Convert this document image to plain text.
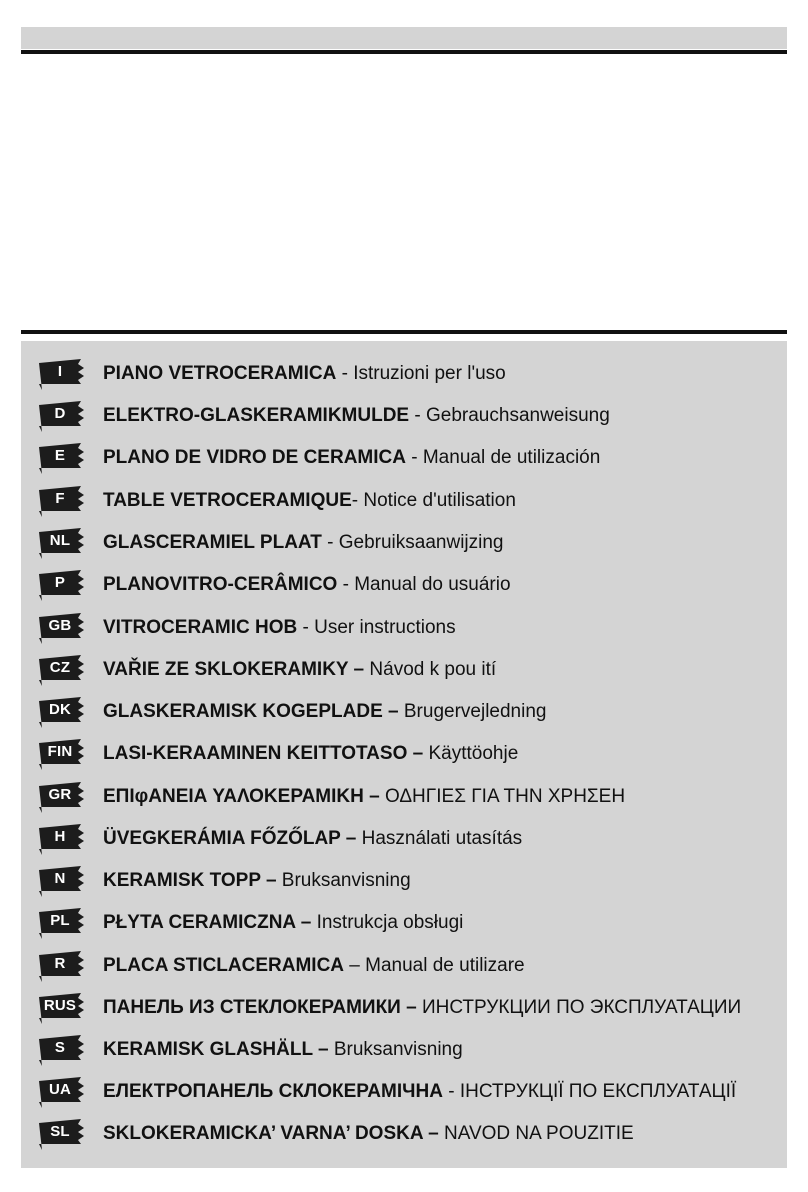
I	PIANO VETROCERAMICA - Istruzioni per l'uso
D	ELEKTRO-GLASKERAMIKMULDE - Gebrauchsanweisung
E	PLANO DE VIDRO DE CERAMICA - Manual de utilización
F	TABLE VETROCERAMIQUE- Notice d'utilisation
NL	GLASCERAMIEL PLAAT - Gebruiksaanwijzing
P	PLANOVITRO-CERÂMICO - Manual do usuário
GB	VITROCERAMIC HOB - User instructions
CZ	VAŘIE ZE SKLOKERAMIKY – Návod k pou ití
DK	GLASKERAMISK KOGEPLADE – Brugervejledning
FIN	LASI-KERAAMINEN KEITTOTASO – Käyttöohje
GR	ΕΠΙφΑΝΕΙΑ ΥΑΛΟΚΕΡΑΜΙΚΗ – ΟΔΗΓΙΕΣ ΓΙΑ ΤΗΝ ΧΡΗΣΕΗ
H	ÜVEGKERÁMIA FŐZŐLAP – Használati utasítás
N	KERAMISK TOPP – Bruksanvisning
PL	PŁYTA CERAMICZNA – Instrukcja obsługi
R	PLACA STICLACERAMICA – Manual de utilizare
RUS ПАНЕЛЬ ИЗ СТЕКЛОКЕРАМИКИ – ИНСТРУКЦИИ ПО ЭКСПЛУАТАЦИИ
S	KERAMISK GLASHÄLL – Bruksanvisning
UA	ЕЛЕКТРОПАНЕЛЬ СКЛОКЕРАМІЧНА - ІНСТРУКЦІЇ ПО ЕКСПЛУАТАЦІЇ
SL	SKLOKERAMICKA’ VARNA’ DOSKA – NAVOD NA POUZITIE
